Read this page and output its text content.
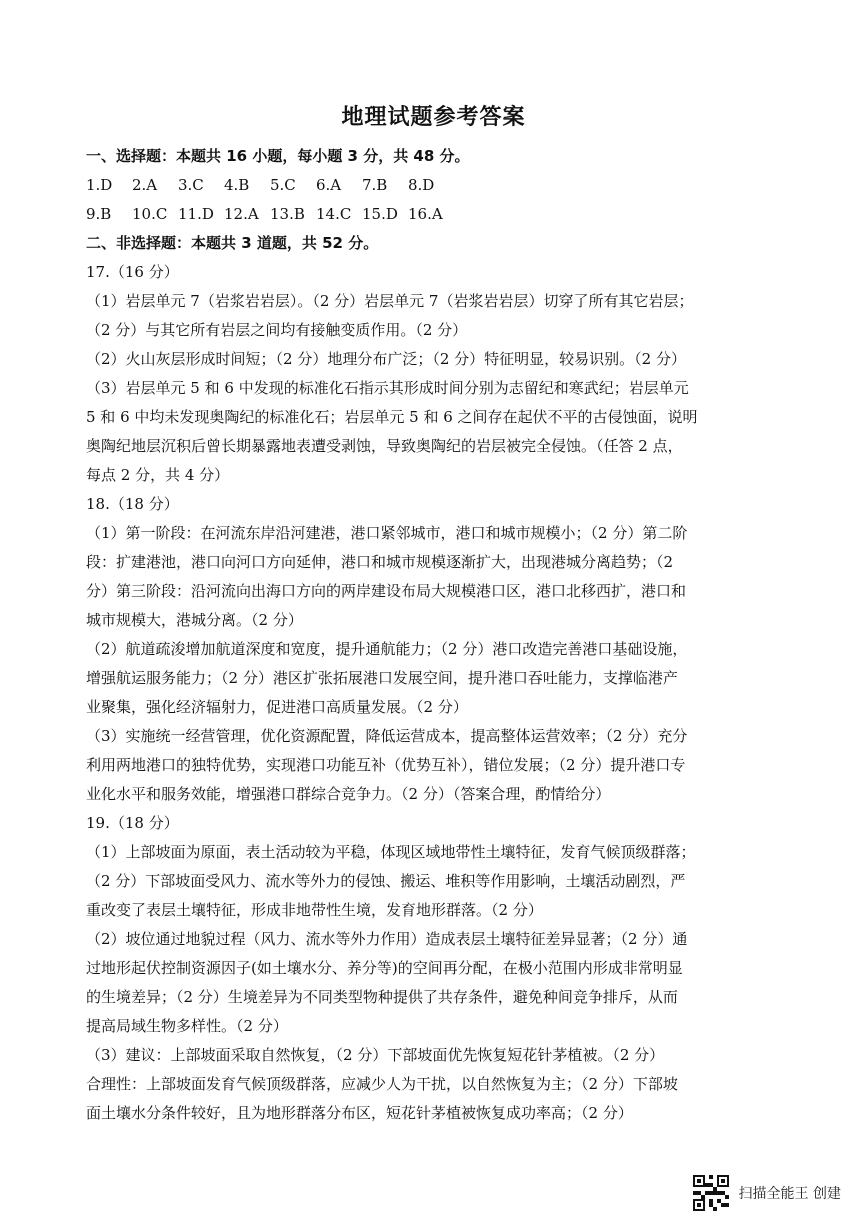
地理试题参考答案
一、选择题：本题共 16 小题，每小题 3 分，共 48 分。
1.D	2.A	3.C	4.B	5.C	6.A	7.B	8.D
9.B	10.C 11.D 12.A 13.B 14.C 15.D 16.A
二、非选择题：本题共 3 道题，共 52 分。
17.（16 分）
（1）岩层单元 7（岩浆岩岩层）。（2 分）岩层单元 7（岩浆岩岩层）切穿了所有其它岩层；
（2 分）与其它所有岩层之间均有接触变质作用。（2 分）
（2）火山灰层形成时间短；（2 分）地理分布广泛；（2 分）特征明显，较易识别。（2 分）
（3）岩层单元 5 和 6 中发现的标准化石指示其形成时间分别为志留纪和寒武纪；岩层单元
5 和 6 中均未发现奥陶纪的标准化石；岩层单元 5 和 6 之间存在起伏不平的古侵蚀面，说明
奥陶纪地层沉积后曾长期暴露地表遭受剥蚀，导致奥陶纪的岩层被完全侵蚀。（任答 2 点，
每点 2 分，共 4 分）
18.（18 分）
（1）第一阶段：在河流东岸沿河建港，港口紧邻城市，港口和城市规模小；（2 分）第二阶
段：扩建港池，港口向河口方向延伸，港口和城市规模逐渐扩大，出现港城分离趋势；（2
分）第三阶段：沿河流向出海口方向的两岸建设布局大规模港口区，港口北移西扩，港口和
城市规模大，港城分离。（2 分）
（2）航道疏浚增加航道深度和宽度，提升通航能力；（2 分）港口改造完善港口基础设施，
增强航运服务能力；（2 分）港区扩张拓展港口发展空间，提升港口吞吐能力，支撑临港产
业聚集，强化经济辐射力，促进港口高质量发展。（2 分）
（3）实施统一经营管理，优化资源配置，降低运营成本，提高整体运营效率；（2 分）充分
利用两地港口的独特优势，实现港口功能互补（优势互补），错位发展；（2 分）提升港口专
业化水平和服务效能，增强港口群综合竞争力。（2 分）（答案合理，酌情给分）
19.（18 分）
（1）上部坡面为原面，表土活动较为平稳，体现区域地带性土壤特征，发育气候顶级群落；
（2 分）下部坡面受风力、流水等外力的侵蚀、搬运、堆积等作用影响，土壤活动剧烈，严
重改变了表层土壤特征，形成非地带性生境，发育地形群落。（2 分）
（2）坡位通过地貌过程（风力、流水等外力作用）造成表层土壤特征差异显著；（2 分）通
过地形起伏控制资源因子(如土壤水分、养分等)的空间再分配，在极小范围内形成非常明显
的生境差异；（2 分）生境差异为不同类型物种提供了共存条件，避免种间竞争排斥，从而
提高局域生物多样性。（2 分）
（3）建议：上部坡面采取自然恢复，（2 分）下部坡面优先恢复短花针茅植被。（2 分）
合理性：上部坡面发育气候顶级群落，应减少人为干扰，以自然恢复为主；（2 分）下部坡
面土壤水分条件较好，且为地形群落分布区，短花针茅植被恢复成功率高；（2 分）
扫描全能王 创建
